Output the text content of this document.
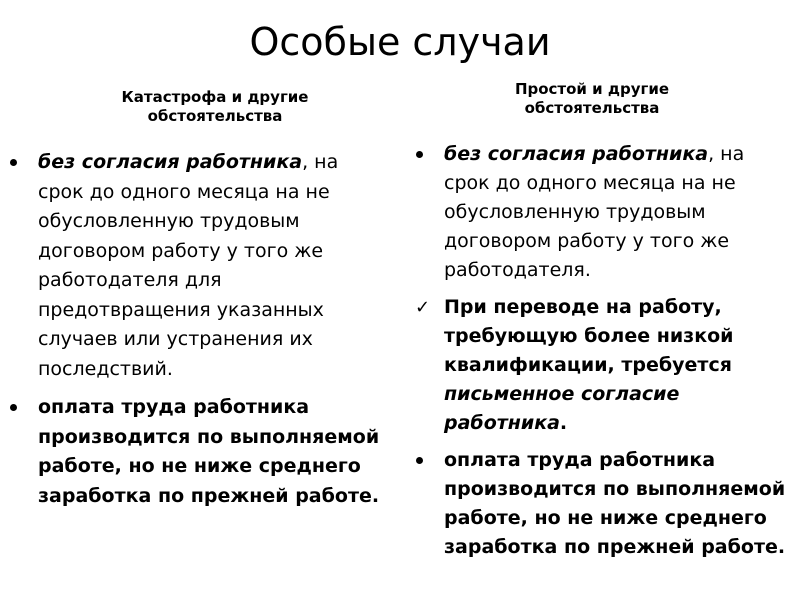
Особые случаи
Катастрофа и другие обстоятельства
без согласия работника, на срок до одного месяца на не обусловленную трудовым договором работу у того же работодателя для предотвращения указанных случаев или устранения их последствий.
оплата труда работника производится по выполняемой работе, но не ниже среднего заработка по прежней работе.
Простой и другие обстоятельства
без согласия работника, на срок до одного месяца на не обусловленную трудовым договором работу у того же работодателя.
✓ При переводе на работу, требующую более низкой квалификации, требуется письменное согласие работника.
оплата труда работника производится по выполняемой работе, но не ниже среднего заработка по прежней работе.
